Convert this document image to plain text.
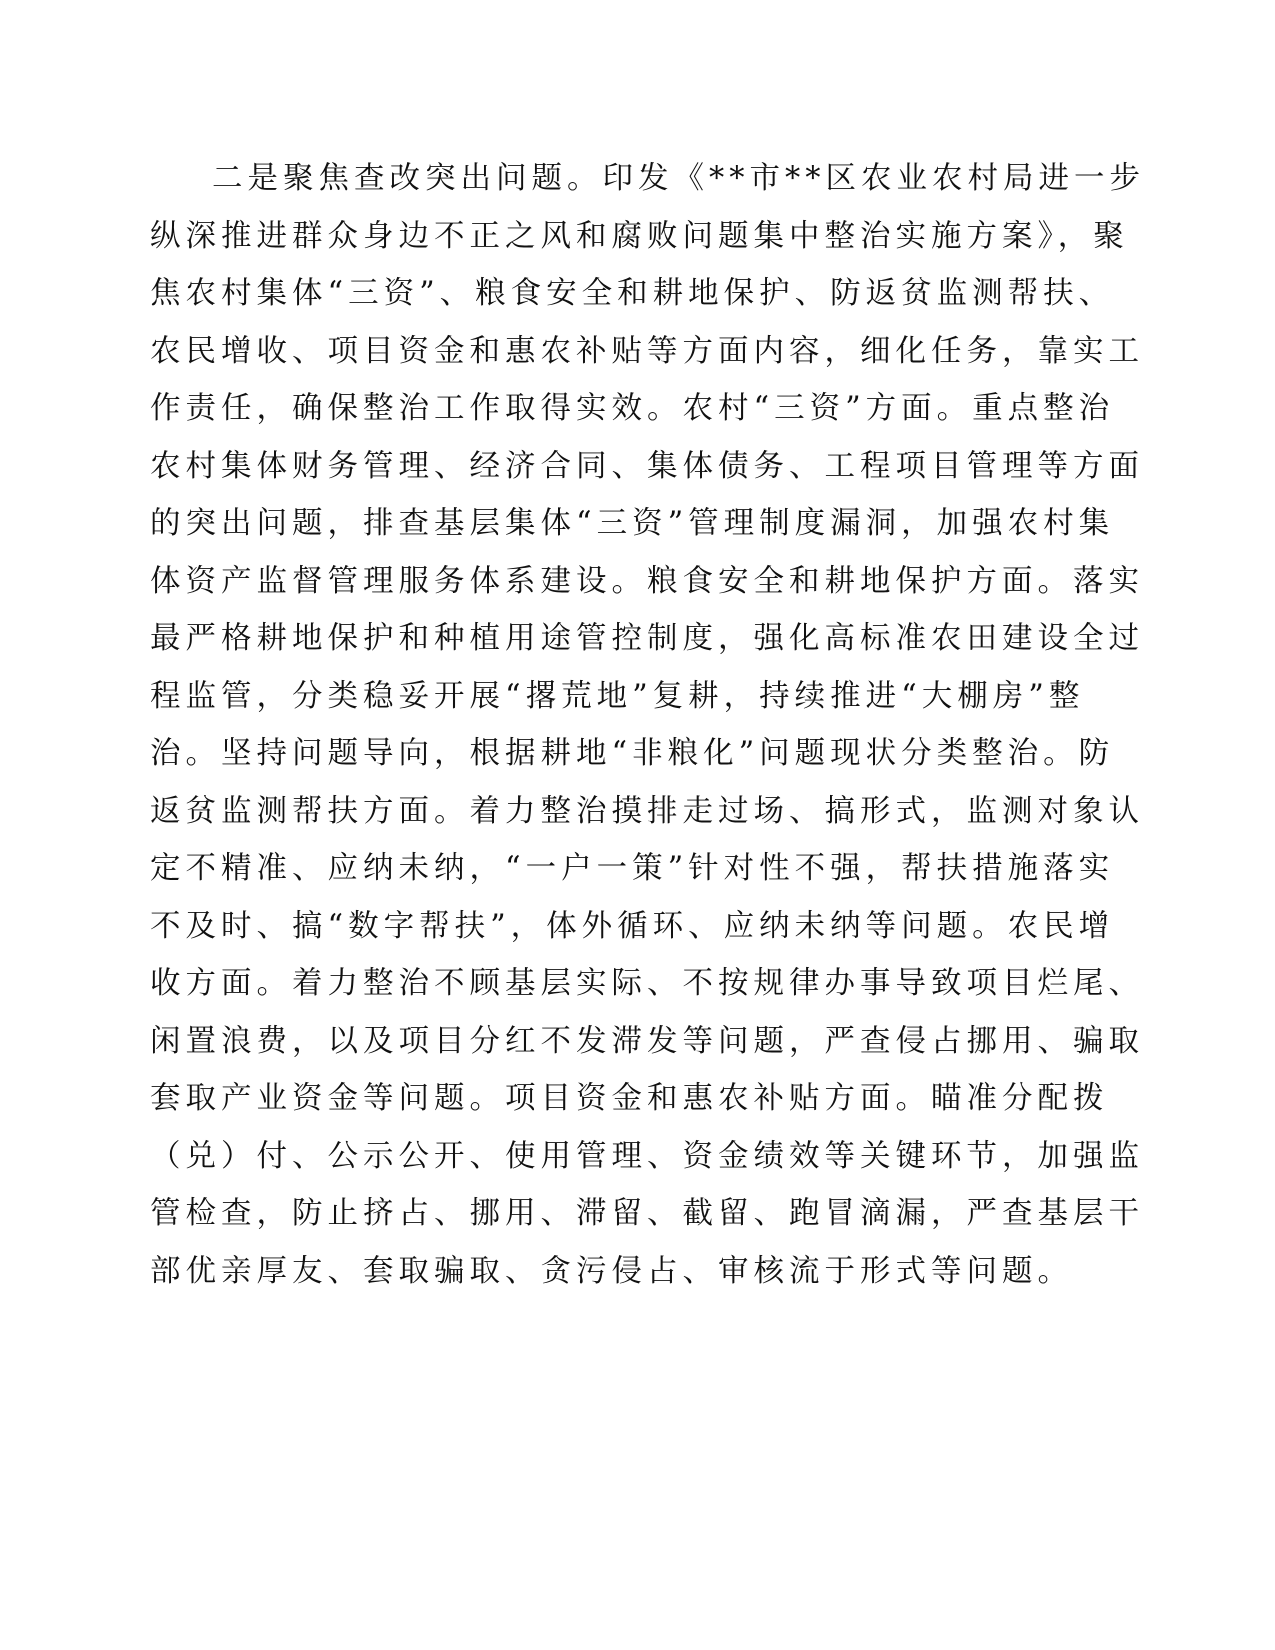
二是聚焦查改突出问题。印发《**市**区农业农村局进一步
纵深推进群众身边不正之风和腐败问题集中整治实施方案》，聚
焦农村集体“三资”、粮食安全和耕地保护、防返贫监测帮扶、
农民增收、项目资金和惠农补贴等方面内容，细化任务，靠实工
作责任，确保整治工作取得实效。农村“三资”方面。重点整治
农村集体财务管理、经济合同、集体债务、工程项目管理等方面
的突出问题，排查基层集体“三资”管理制度漏洞，加强农村集
体资产监督管理服务体系建设。粮食安全和耕地保护方面。落实
最严格耕地保护和种植用途管控制度，强化高标准农田建设全过
程监管，分类稳妥开展“撂荒地”复耕，持续推进“大棚房”整
治。坚持问题导向，根据耕地“非粮化”问题现状分类整治。防
返贫监测帮扶方面。着力整治摸排走过场、搞形式，监测对象认
定不精准、应纳未纳，“一户一策”针对性不强，帮扶措施落实
不及时、搞“数字帮扶”，体外循环、应纳未纳等问题。农民增
收方面。着力整治不顾基层实际、不按规律办事导致项目烂尾、
闲置浪费，以及项目分红不发滞发等问题，严查侵占挪用、骗取
套取产业资金等问题。项目资金和惠农补贴方面。瞄准分配拨
（兑）付、公示公开、使用管理、资金绩效等关键环节，加强监
管检查，防止挤占、挪用、滞留、截留、跑冒滴漏，严查基层干
部优亲厚友、套取骗取、贪污侵占、审核流于形式等问题。
